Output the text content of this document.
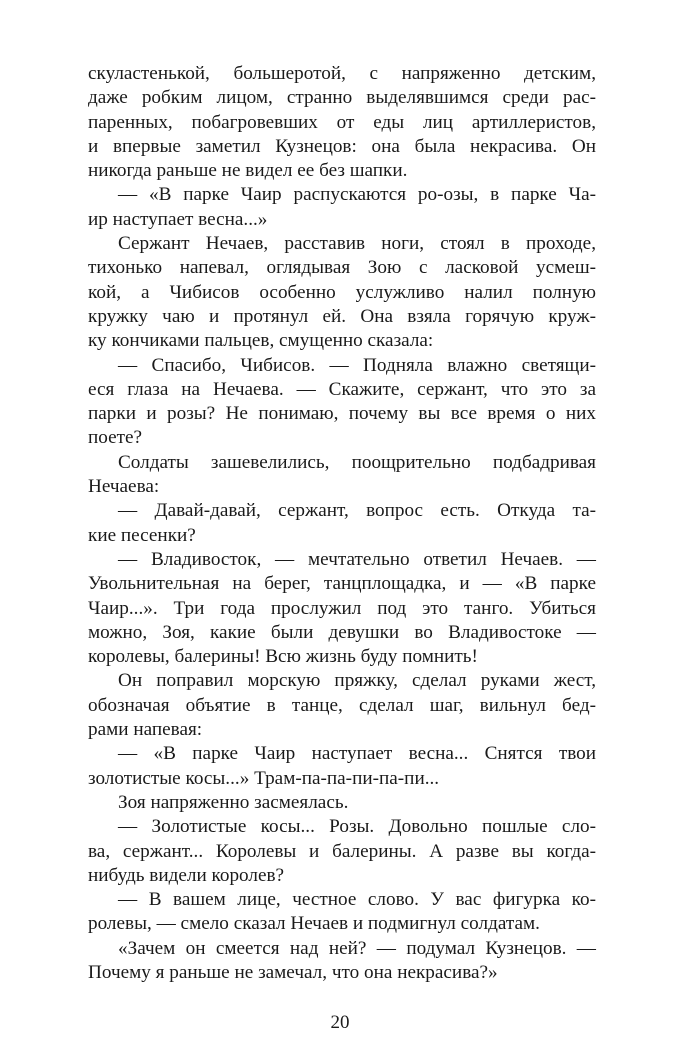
скуластенькой, большеротой, с напряженно детским,
даже робким лицом, странно выделявшимся среди рас-
паренных, побагровевших от еды лиц артиллеристов,
и впервые заметил Кузнецов: она была некрасива. Он
никогда раньше не видел ее без шапки.
— «В парке Чаир распускаются ро-озы, в парке Ча-
ир наступает весна...»
Сержант Нечаев, расставив ноги, стоял в проходе,
тихонько напевал, оглядывая Зою с ласковой усмеш-
кой, а Чибисов особенно услужливо налил полную
кружку чаю и протянул ей. Она взяла горячую круж-
ку кончиками пальцев, смущенно сказала:
— Спасибо, Чибисов. — Подняла влажно светящи-
еся глаза на Нечаева. — Скажите, сержант, что это за
парки и розы? Не понимаю, почему вы все время о них
поете?
Солдаты зашевелились, поощрительно подбадривая
Нечаева:
— Давай-давай, сержант, вопрос есть. Откуда та-
кие песенки?
— Владивосток, — мечтательно ответил Нечаев. —
Увольнительная на берег, танцплощадка, и — «В парке
Чаир...». Три года прослужил под это танго. Убиться
можно, Зоя, какие были девушки во Владивостоке —
королевы, балерины! Всю жизнь буду помнить!
Он поправил морскую пряжку, сделал руками жест,
обозначая объятие в танце, сделал шаг, вильнул бед-
рами напевая:
— «В парке Чаир наступает весна... Снятся твои
золотистые косы...» Трам-па-па-пи-па-пи...
Зоя напряженно засмеялась.
— Золотистые косы... Розы. Довольно пошлые сло-
ва, сержант... Королевы и балерины. А разве вы когда-
нибудь видели королев?
— В вашем лице, честное слово. У вас фигурка ко-
ролевы, — смело сказал Нечаев и подмигнул солдатам.
«Зачем он смеется над ней? — подумал Кузнецов. —
Почему я раньше не замечал, что она некрасива?»
20
